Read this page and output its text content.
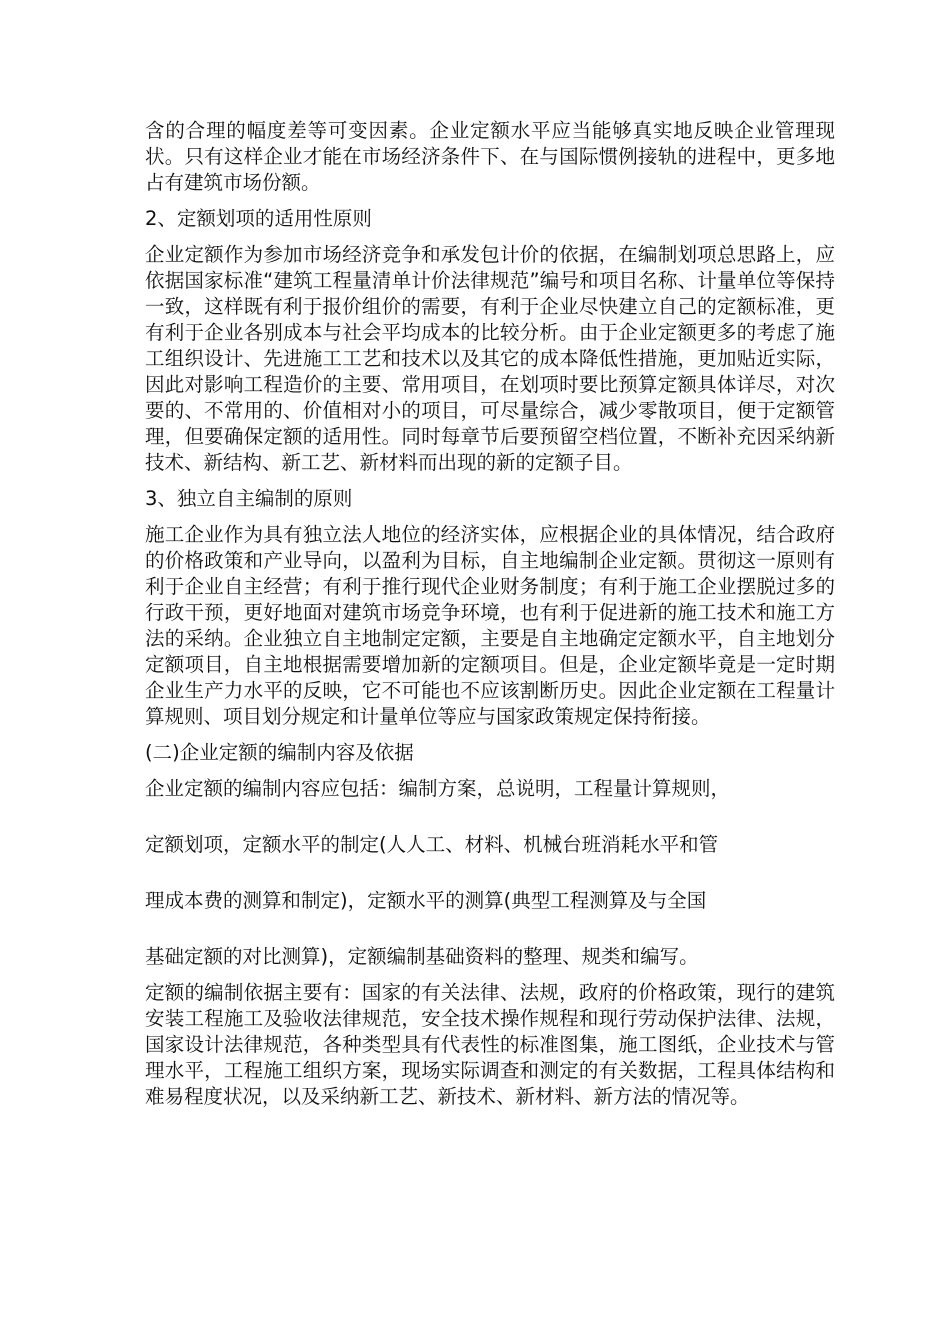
含的合理的幅度差等可变因素。企业定额水平应当能够真实地反映企业管理现状。只有这样企业才能在市场经济条件下、在与国际惯例接轨的进程中，更多地占有建筑市场份额。

2、定额划项的适用性原则

企业定额作为参加市场经济竞争和承发包计价的依据，在编制划项总思路上，应依据国家标准“建筑工程量清单计价法律规范”编号和项目名称、计量单位等保持一致，这样既有利于报价组价的需要，有利于企业尽快建立自己的定额标准，更有利于企业各别成本与社会平均成本的比较分析。由于企业定额更多的考虑了施工组织设计、先进施工工艺和技术以及其它的成本降低性措施，更加贴近实际，因此对影响工程造价的主要、常用项目，在划项时要比预算定额具体详尽，对次要的、不常用的、价值相对小的项目，可尽量综合，减少零散项目，便于定额管理，但要确保定额的适用性。同时每章节后要预留空档位置，不断补充因采纳新技术、新结构、新工艺、新材料而出现的新的定额子目。

3、独立自主编制的原则

施工企业作为具有独立法人地位的经济实体，应根据企业的具体情况，结合政府的价格政策和产业导向，以盈利为目标，自主地编制企业定额。贯彻这一原则有利于企业自主经营；有利于推行现代企业财务制度；有利于施工企业摆脱过多的行政干预，更好地面对建筑市场竞争环境，也有利于促进新的施工技术和施工方法的采纳。企业独立自主地制定定额，主要是自主地确定定额水平，自主地划分定额项目，自主地根据需要增加新的定额项目。但是，企业定额毕竟是一定时期企业生产力水平的反映，它不可能也不应该割断历史。因此企业定额在工程量计算规则、项目划分规定和计量单位等应与国家政策规定保持衔接。

(二)企业定额的编制内容及依据

企业定额的编制内容应包括：编制方案，总说明，工程量计算规则，

定额划项，定额水平的制定(人人工、材料、机械台班消耗水平和管

理成本费的测算和制定)，定额水平的测算(典型工程测算及与全国

基础定额的对比测算)，定额编制基础资料的整理、规类和编写。

定额的编制依据主要有：国家的有关法律、法规，政府的价格政策，现行的建筑安装工程施工及验收法律规范，安全技术操作规程和现行劳动保护法律、法规，国家设计法律规范，各种类型具有代表性的标准图集，施工图纸，企业技术与管理水平，工程施工组织方案，现场实际调查和测定的有关数据，工程具体结构和难易程度状况，以及采纳新工艺、新技术、新材料、新方法的情况等。
